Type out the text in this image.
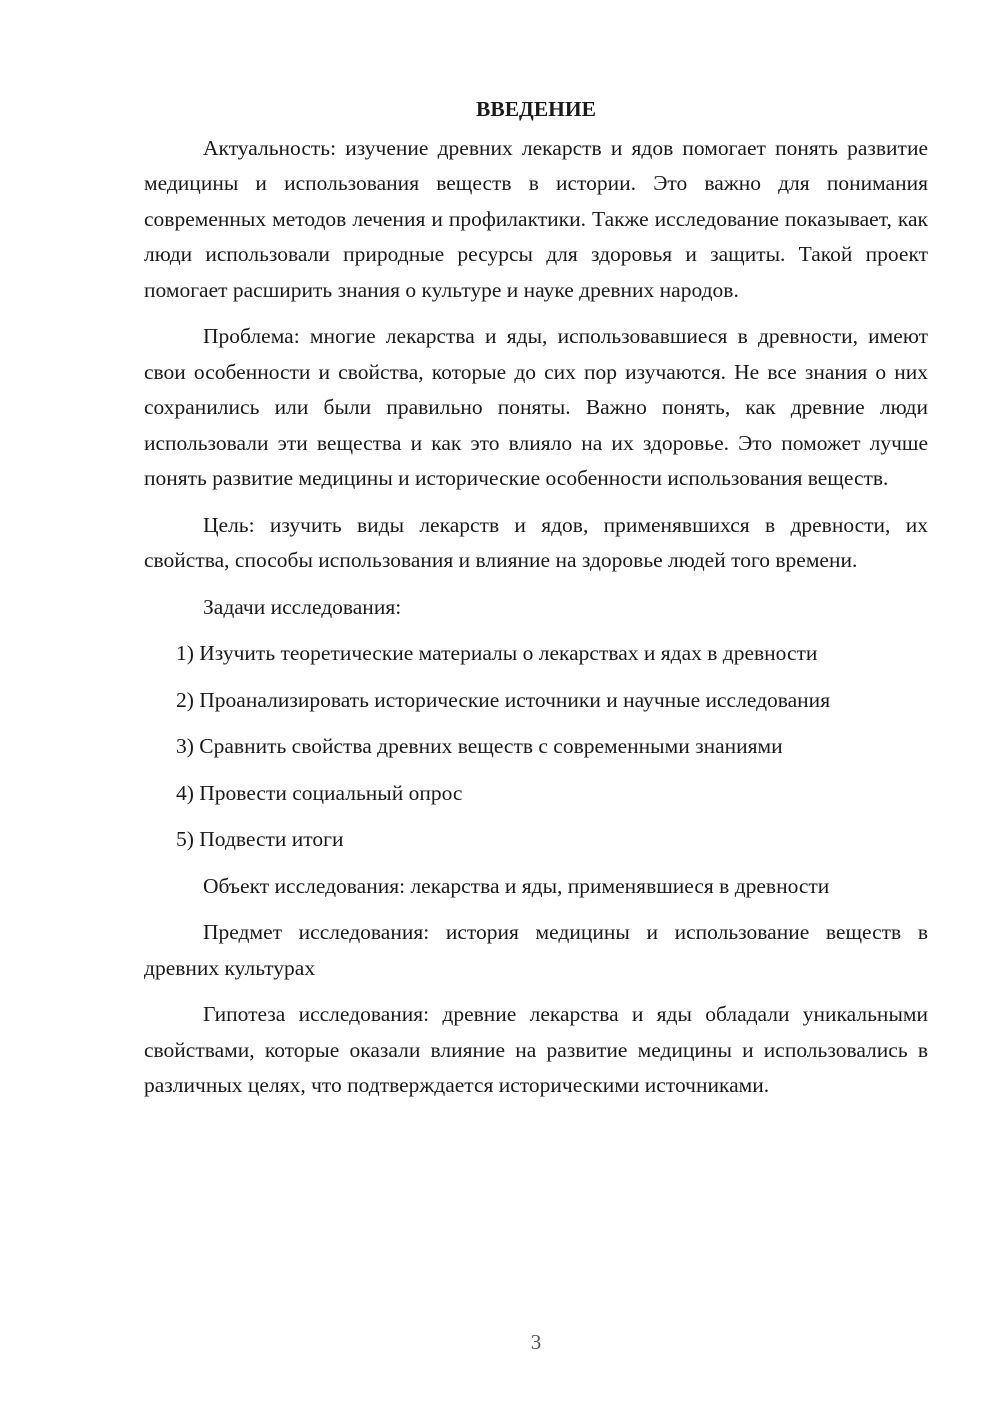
ВВЕДЕНИЕ

Актуальность: изучение древних лекарств и ядов помогает понять развитие медицины и использования веществ в истории. Это важно для понимания современных методов лечения и профилактики. Также исследование показывает, как люди использовали природные ресурсы для здоровья и защиты. Такой проект помогает расширить знания о культуре и науке древних народов.

Проблема: многие лекарства и яды, использовавшиеся в древности, имеют свои особенности и свойства, которые до сих пор изучаются. Не все знания о них сохранились или были правильно поняты. Важно понять, как древние люди использовали эти вещества и как это влияло на их здоровье. Это поможет лучше понять развитие медицины и исторические особенности использования веществ.

Цель: изучить виды лекарств и ядов, применявшихся в древности, их свойства, способы использования и влияние на здоровье людей того времени.

Задачи исследования:

1) Изучить теоретические материалы о лекарствах и ядах в древности

2) Проанализировать исторические источники и научные исследования

3) Сравнить свойства древних веществ с современными знаниями

4) Провести социальный опрос

5) Подвести итоги

Объект исследования: лекарства и яды, применявшиеся в древности

Предмет исследования: история медицины и использование веществ в древних культурах

Гипотеза исследования: древние лекарства и яды обладали уникальными свойствами, которые оказали влияние на развитие медицины и использовались в различных целях, что подтверждается историческими источниками.

3
